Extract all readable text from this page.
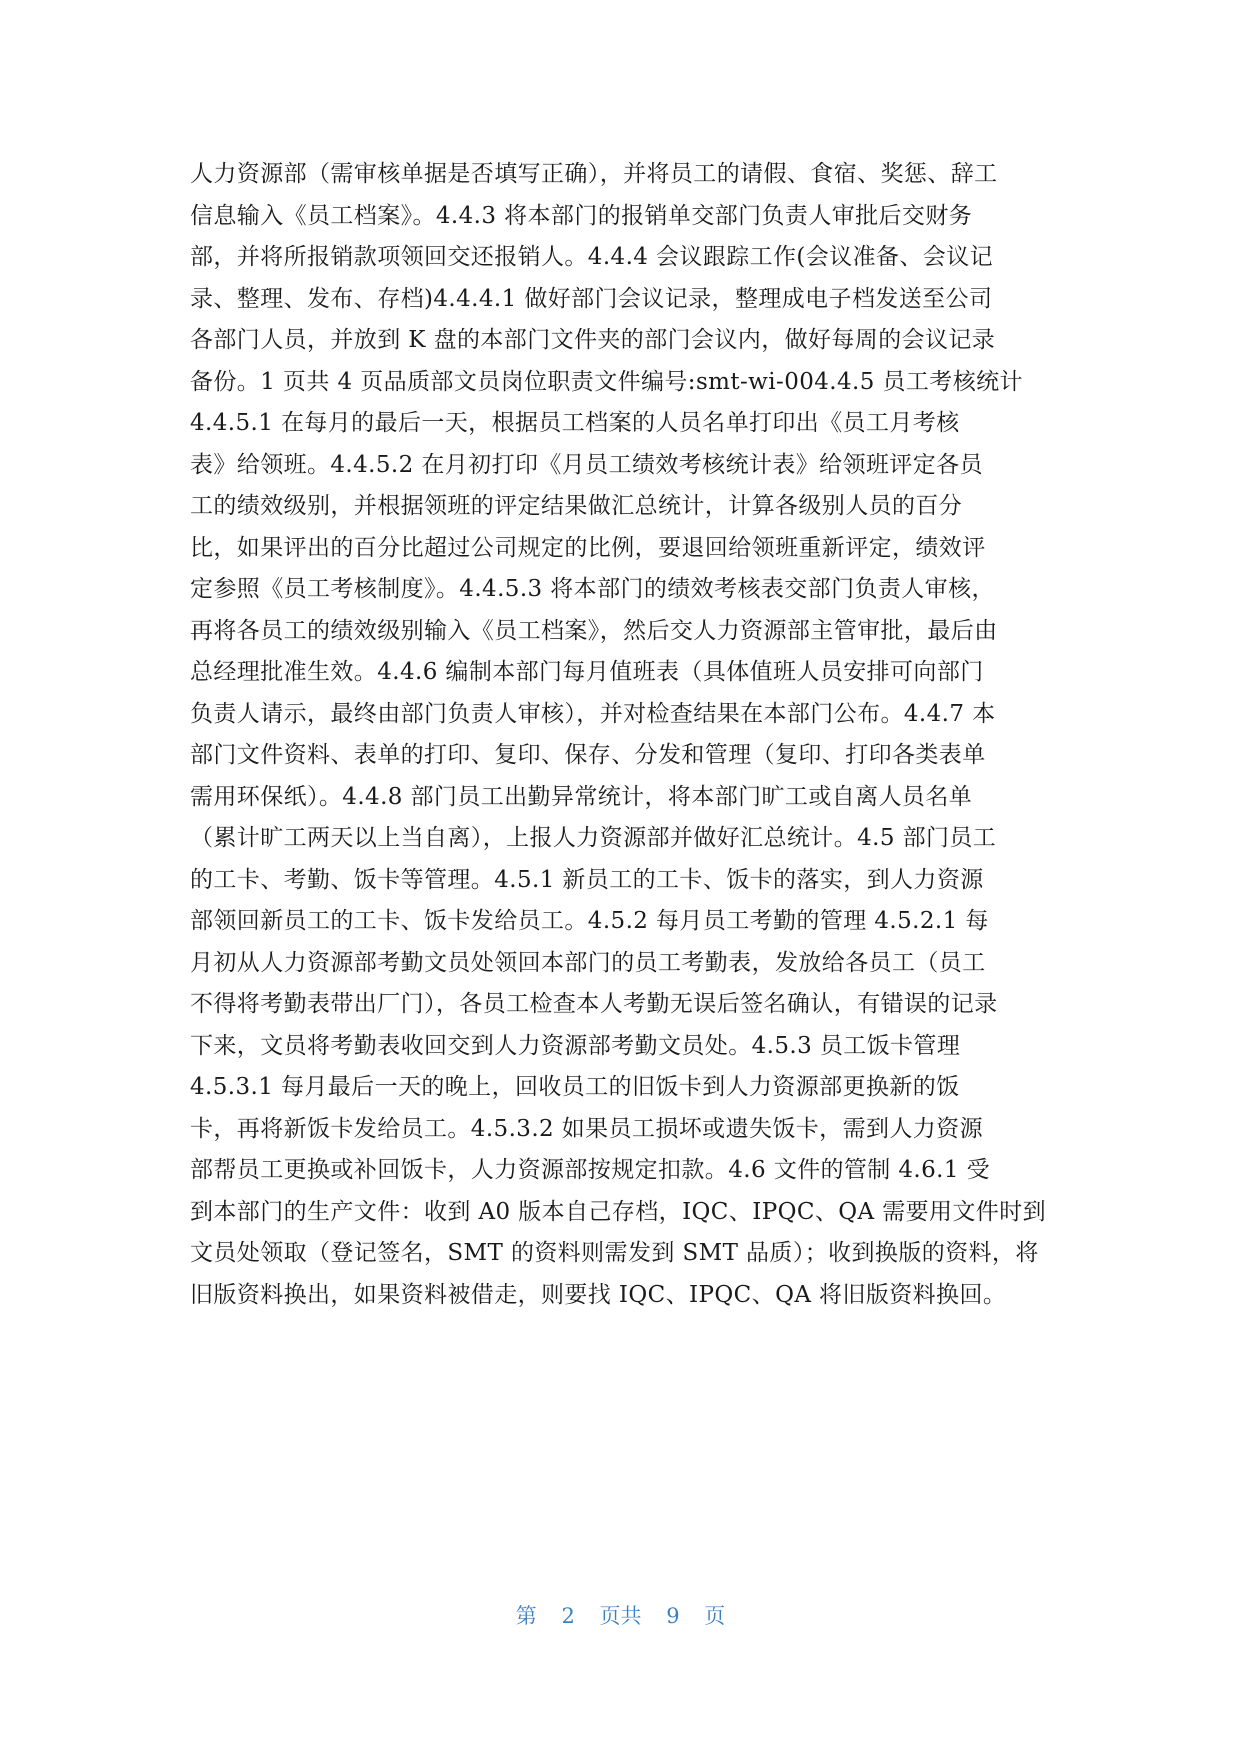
人力资源部（需审核单据是否填写正确），并将员工的请假、食宿、奖惩、辞工
信息输入《员工档案》。4.4.3 将本部门的报销单交部门负责人审批后交财务
部，并将所报销款项领回交还报销人。4.4.4 会议跟踪工作(会议准备、会议记
录、整理、发布、存档)4.4.4.1 做好部门会议记录，整理成电子档发送至公司
各部门人员，并放到 K 盘的本部门文件夹的部门会议内，做好每周的会议记录
备份。1 页共 4 页品质部文员岗位职责文件编号:smt-wi-004.4.5 员工考核统计
4.4.5.1 在每月的最后一天，根据员工档案的人员名单打印出《员工月考核
表》给领班。4.4.5.2 在月初打印《月员工绩效考核统计表》给领班评定各员
工的绩效级别，并根据领班的评定结果做汇总统计，计算各级别人员的百分
比，如果评出的百分比超过公司规定的比例，要退回给领班重新评定，绩效评
定参照《员工考核制度》。4.4.5.3 将本部门的绩效考核表交部门负责人审核，
再将各员工的绩效级别输入《员工档案》，然后交人力资源部主管审批，最后由
总经理批准生效。4.4.6 编制本部门每月值班表（具体值班人员安排可向部门
负责人请示，最终由部门负责人审核），并对检查结果在本部门公布。4.4.7 本
部门文件资料、表单的打印、复印、保存、分发和管理（复印、打印各类表单
需用环保纸）。4.4.8 部门员工出勤异常统计，将本部门旷工或自离人员名单
（累计旷工两天以上当自离），上报人力资源部并做好汇总统计。4.5 部门员工
的工卡、考勤、饭卡等管理。4.5.1 新员工的工卡、饭卡的落实，到人力资源
部领回新员工的工卡、饭卡发给员工。4.5.2 每月员工考勤的管理 4.5.2.1 每
月初从人力资源部考勤文员处领回本部门的员工考勤表，发放给各员工（员工
不得将考勤表带出厂门），各员工检查本人考勤无误后签名确认，有错误的记录
下来，文员将考勤表收回交到人力资源部考勤文员处。4.5.3 员工饭卡管理
4.5.3.1 每月最后一天的晚上，回收员工的旧饭卡到人力资源部更换新的饭
卡，再将新饭卡发给员工。4.5.3.2 如果员工损坏或遗失饭卡，需到人力资源
部帮员工更换或补回饭卡，人力资源部按规定扣款。4.6 文件的管制 4.6.1 受
到本部门的生产文件：收到 A0 版本自己存档，IQC、IPQC、QA 需要用文件时到
文员处领取（登记签名，SMT 的资料则需发到 SMT 品质）；收到换版的资料，将
旧版资料换出，如果资料被借走，则要找 IQC、IPQC、QA 将旧版资料换回。
第 2 页共 9 页
